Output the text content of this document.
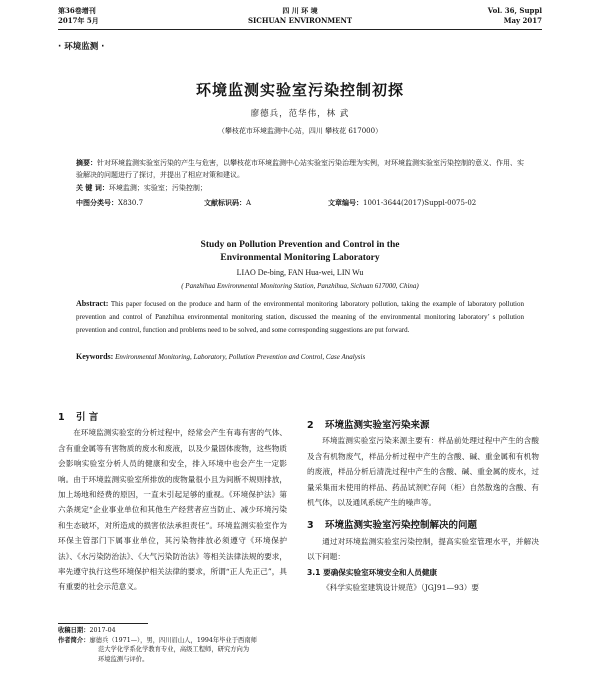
第36卷增刊
2017年 5月
四 川 环 境
SICHUAN ENVIRONMENT
Vol. 36, Suppl
May 2017
· 环境监测 ·
环境监测实验室污染控制初探
廖德兵，范华伟，林 武
（攀枝花市环境监测中心站，四川 攀枝花 617000）
摘要：针对环境监测实验室污染的产生与危害，以攀枝花市环境监测中心站实验室污染治理为实例，对环境监测实验室污染控制的意义、作用、实验解决的问题进行了探讨，并提出了相应对策和建议。
关 键 词：环境监测；实验室；污染控制；
中图分类号：X830.7	文献标识码：A	文章编号：1001-3644(2017)Suppl-0075-02
Study on Pollution Prevention and Control in the
Environmental Monitoring Laboratory
LIAO De-bing, FAN Hua-wei, LIN Wu
( Panzhihua Environmental Monitoring Station, Panzhihua, Sichuan 617000, China)
Abstract: This paper focused on the produce and harm of the environmental monitoring laboratory pollution, taking the example of laboratory pollution prevention and control of Panzhihua environmental monitoring station, discussed the meaning of the environmental monitoring laboratory’ s pollution prevention and control, function and problems need to be solved, and some corresponding suggestions are put forward.
Keywords: Environmental Monitoring, Laboratory, Pollution Prevention and Control, Case Analysis
1 引 言

在环境监测实验室的分析过程中，经常会产生有毒有害的气体、含有重金属等有害物质的废水和废液，以及少量固体废物，这些物质会影响实验室分析人员的健康和安全，排入环境中也会产生一定影响。由于环境监测实验室所排放的废物量很小且为间断不规则排放，加上场地和经费的原因，一直未引起足够的重视。《环境保护法》第六条规定“企业事业单位和其他生产经营者应当防止、减少环境污染和生态破坏，对所造成的损害依法承担责任”。环境监测实验室作为环保主管部门下属事业单位，其污染物排放必须遵守《环境保护法》、《水污染防治法》、《大气污染防治法》等相关法律法规的要求，率先遵守执行这些环境保护相关法律的要求，所谓“正人先正己”，具有重要的社会示范意义。

2 环境监测实验室污染来源

环境监测实验室污染来源主要有：样品前处理过程中产生的含酸及含有机物废气，样品分析过程中产生的含酸、碱、重金属和有机物的废液，样品分析后清洗过程中产生的含酸、碱、重金属的废水，过量采集而未使用的样品、药品试剂贮存间（柜）自然散逸的含酸、有机气体，以及通风系统产生的噪声等。

3 环境监测实验室污染控制解决的问题

通过对环境监测实验室污染控制，提高实验室管理水平，并解决以下问题：

3.1 要确保实验室环境安全和人员健康

《科学实验室建筑设计规范》（JGJ91—93）要

收稿日期：2017-04
作者简介：廖德兵（1971—），男，四川眉山人，1994年毕业于西南师
范大学化学系化学教育专业，高级工程师，研究方向为
环境监测与评价。
